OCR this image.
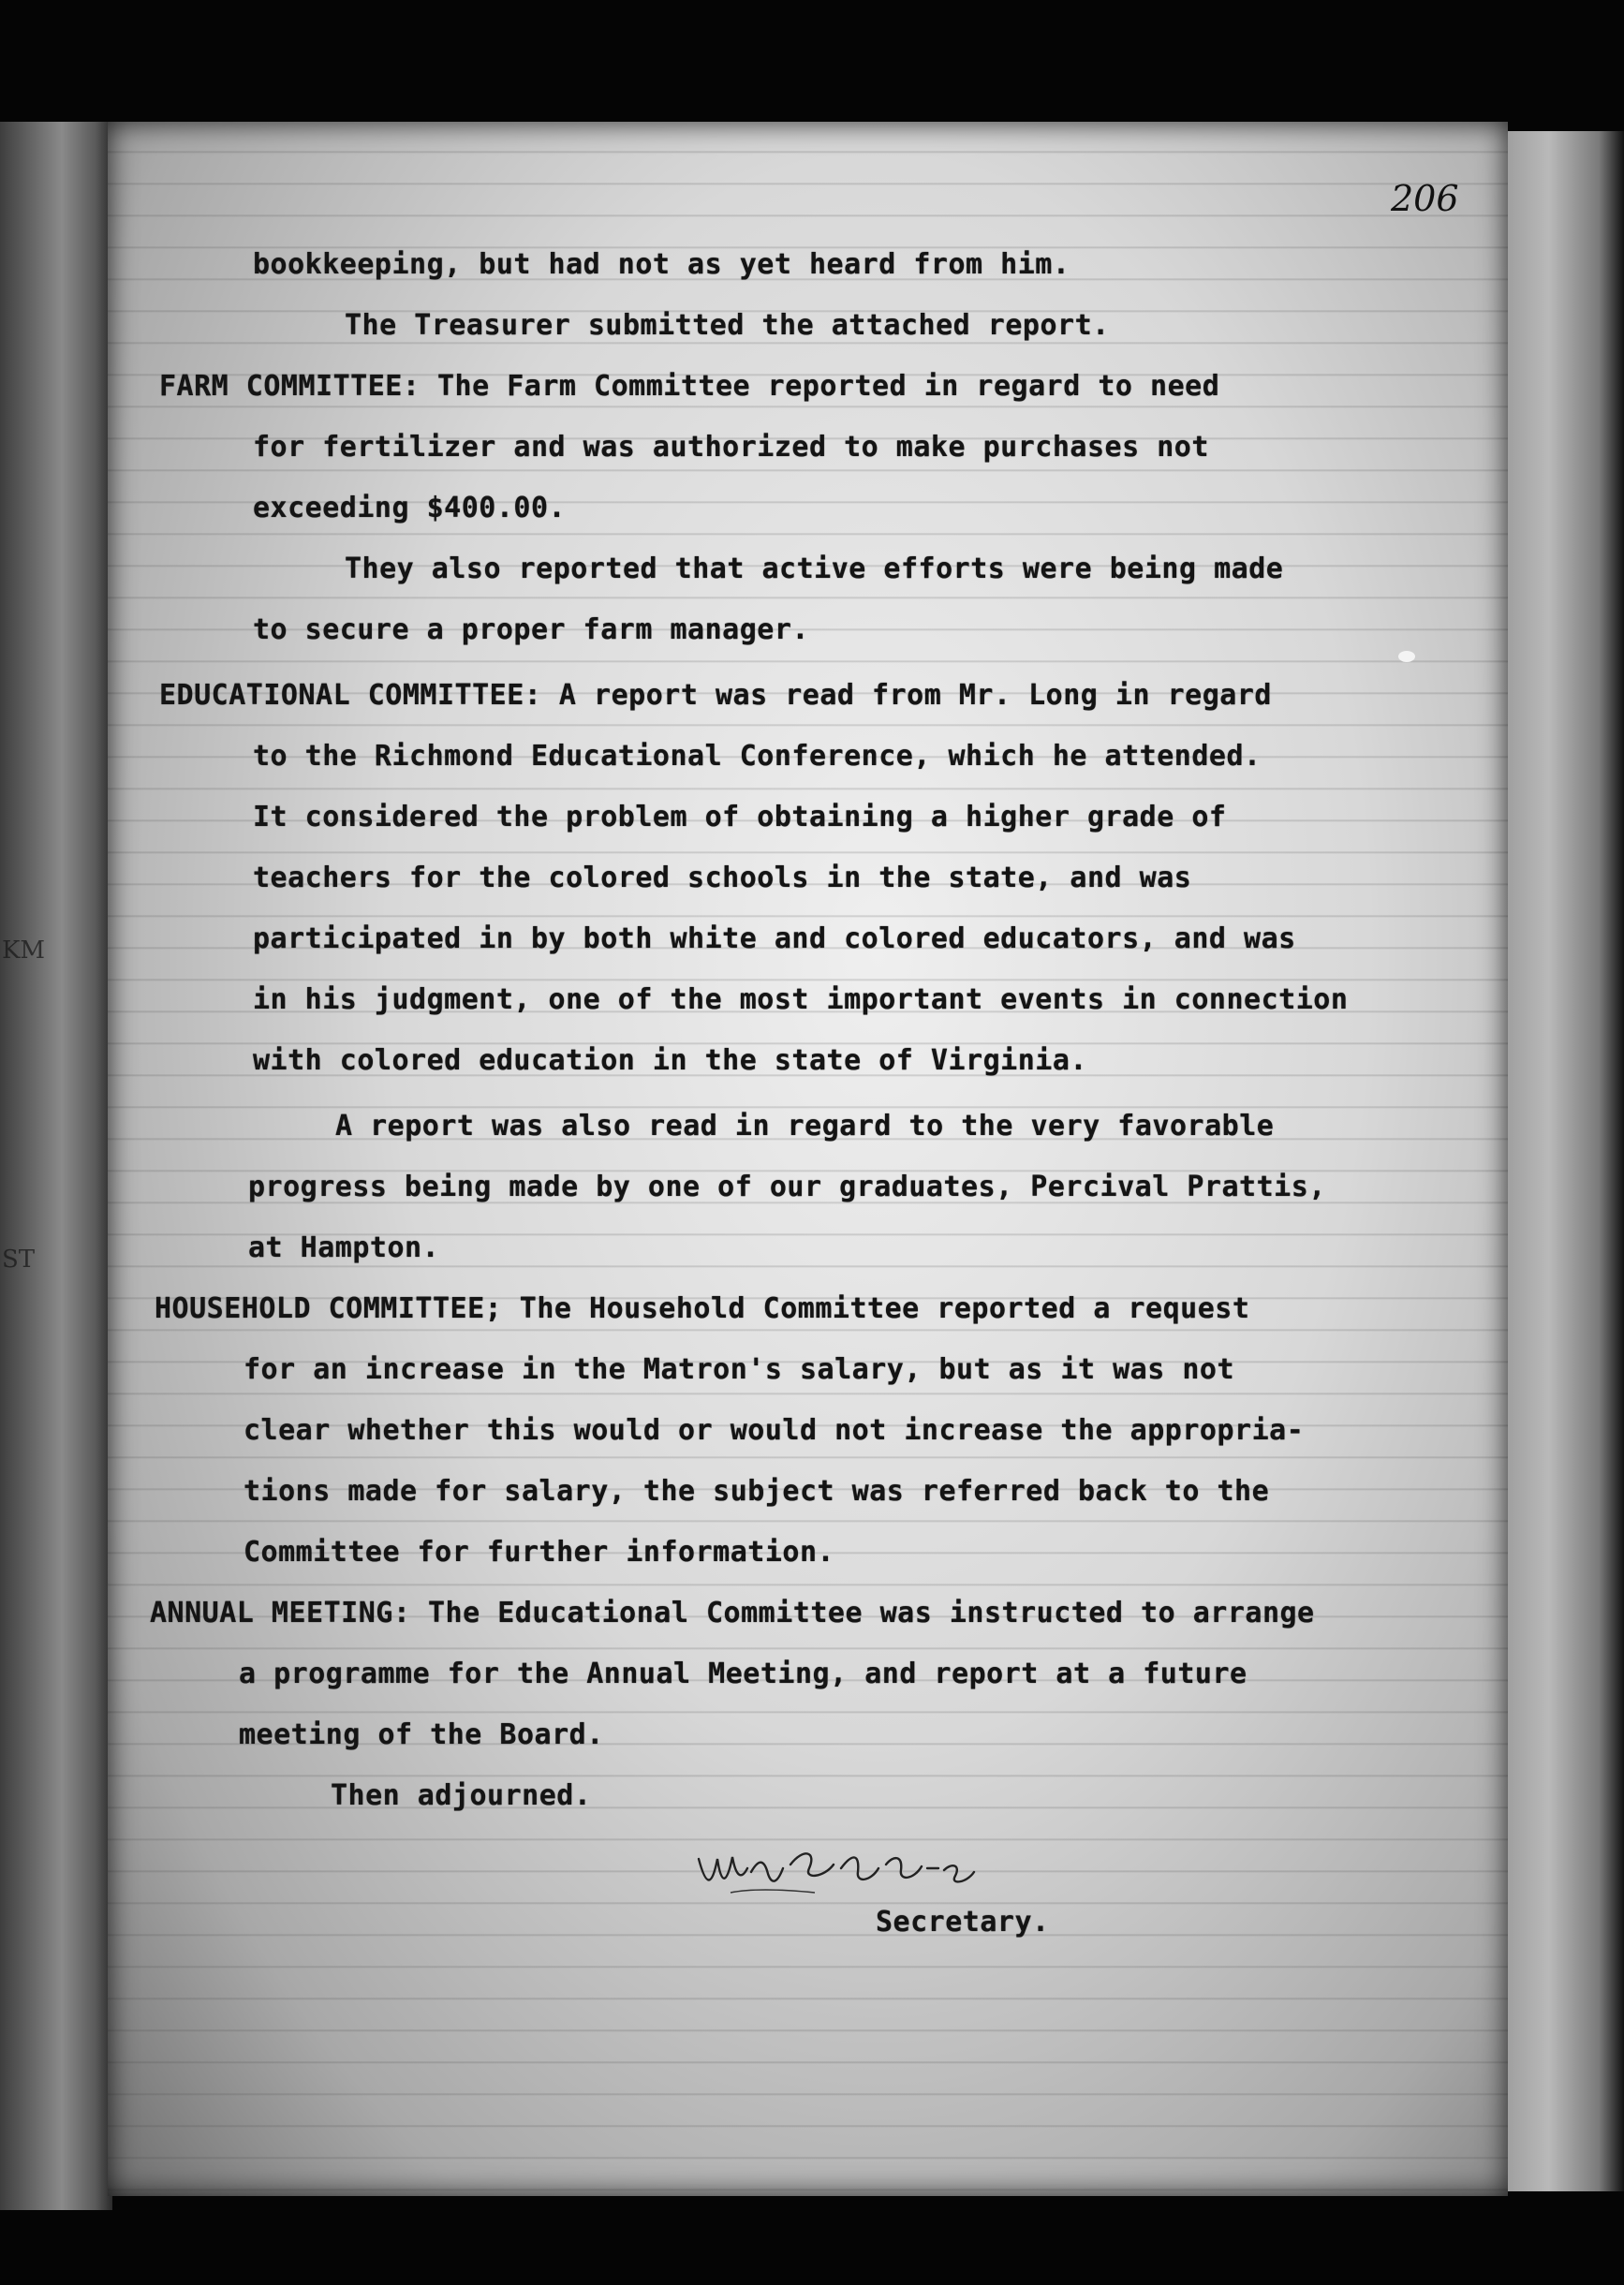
KM
ST
206
bookkeeping, but had not as yet heard from him.
The Treasurer submitted the attached report.
FARM COMMITTEE: The Farm Committee reported in regard to need
for fertilizer and was authorized to make purchases not
exceeding $400.00.
They also reported that active efforts were being made
to secure a proper farm manager.
EDUCATIONAL COMMITTEE: A report was read from Mr. Long in regard
to the Richmond Educational Conference, which he attended.
It considered the problem of obtaining a higher grade of
teachers for the colored schools in the state, and was
participated in by both white and colored educators, and was
in his judgment, one of the most important events in connection
with colored education in the state of Virginia.
A report was also read in regard to the very favorable
progress being made by one of our graduates, Percival Prattis,
at Hampton.
HOUSEHOLD COMMITTEE; The Household Committee reported a request
for an increase in the Matron's salary, but as it was not
clear whether this would or would not increase the appropria-
tions made for salary, the subject was referred back to the
Committee for further information.
ANNUAL MEETING: The Educational Committee was instructed to arrange
a programme for the Annual Meeting, and report at a future
meeting of the Board.
Then adjourned.
Secretary.
